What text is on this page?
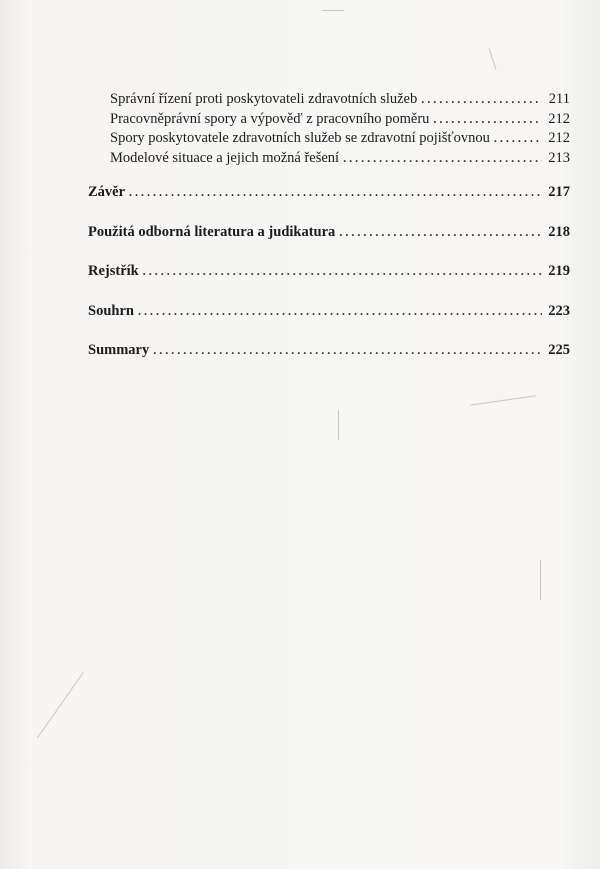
Správní řízení proti poskytovateli zdravotních služeb .....	211
Pracovněprávní spory a výpověď z pracovního poměru .....	212
Spory poskytovatele zdravotních služeb se zdravotní pojišťovnou .....	212
Modelové situace a jejich možná řešení .....	213
Závěr .....	217
Použitá odborná literatura a judikatura .....	218
Rejstřík .....	219
Souhrn .....	223
Summary .....	225
